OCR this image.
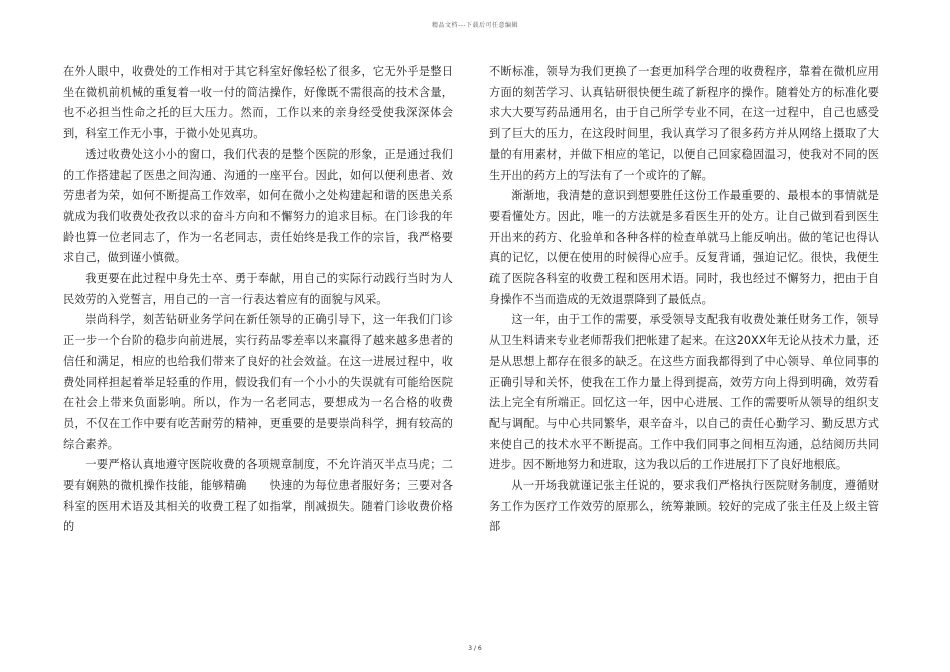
精品文档---下载后可任意编辑

在外人眼中，收费处的工作相对于其它科室好像轻松了很多，它无外乎是整日坐在微机前机械的重复着一收一付的简洁操作，好像既不需很高的技术含量，也不必担当性命之托的巨大压力。然而，工作以来的亲身经受使我深深体会到，科室工作无小事，于微小处见真功。

透过收费处这小小的窗口，我们代表的是整个医院的形象，正是通过我们的工作搭建起了医患之间沟通、沟通的一座平台。因此，如何以便利患者、效劳患者为荣，如何不断提高工作效率，如何在微小之处构建起和谐的医患关系就成为我们收费处孜孜以求的奋斗方向和不懈努力的追求目标。在门诊我的年龄也算一位老同志了，作为一名老同志，责任始终是我工作的宗旨，我严格要求自己，做到谨小慎微。

我更要在此过程中身先士卒、勇于奉献，用自己的实际行动践行当时为人民效劳的入党誓言，用自己的一言一行表达着应有的面貌与风采。

崇尚科学，刻苦钻研业务学问在新任领导的正确引导下，这一年我们门诊正一步一个台阶的稳步向前进展，实行药品零差率以来赢得了越来越多患者的信任和满足，相应的也给我们带来了良好的社会效益。在这一进展过程中，收费处同样担起着举足轻重的作用，假设我们有一个小小的失误就有可能给医院在社会上带来负面影响。所以，作为一名老同志，要想成为一名合格的收费员，不仅在工作中要有吃苦耐劳的精神，更重要的是要崇尚科学，拥有较高的综合素养。

一要严格认真地遵守医院收费的各项规章制度，不允许消灭半点马虎；二要有娴熟的微机操作技能，能够精确　　快速的为每位患者服好务；三要对各科室的医用术语及其相关的收费工程了如指掌，削减损失。随着门诊收费价格的

不断标准，领导为我们更换了一套更加科学合理的收费程序，靠着在微机应用方面的刻苦学习、认真钻研很快便生疏了新程序的操作。随着处方的标准化要求大大要写药品通用名，由于自己所学专业不同，在这一过程中，自己也感受到了巨大的压力，在这段时间里，我认真学习了很多药方并从网络上摄取了大量的有用素材，并做下相应的笔记，以便自己回家稳固温习，使我对不同的医生开出的药方上的写法有了一个或许的了解。

渐渐地，我清楚的意识到想要胜任这份工作最重要的、最根本的事情就是要看懂处方。因此，唯一的方法就是多看医生开的处方。让自己做到看到医生开出来的药方、化验单和各种各样的检查单就马上能反响出。做的笔记也得认真的记忆，以便在使用的时候得心应手。反复背诵，强迫记忆。很快，我便生疏了医院各科室的收费工程和医用术语。同时，我也经过不懈努力，把由于自身操作不当而造成的无效退票降到了最低点。

这一年，由于工作的需要，承受领导支配我有收费处兼任财务工作，领导从卫生料请来专业老师帮我们把帐建了起来。在这20XX年无论从技术力量，还是从思想上都存在很多的缺乏。在这些方面我都得到了中心领导、单位同事的正确引导和关怀，使我在工作力量上得到提高，效劳方向上得到明确，效劳看法上完全有所端正。回忆这一年，因中心进展、工作的需要听从领导的组织支配与调配。与中心共同繁华，艰辛奋斗，以自己的责任心勤学习、勤反思方式来使自己的技术水平不断提高。工作中我们同事之间相互沟通，总结阅历共同进步。因不断地努力和进取，这为我以后的工作进展打下了良好地根底。

从一开场我就谨记张主任说的，要求我们严格执行医院财务制度，遵循财务工作为医疗工作效劳的原那么，统筹兼顾。较好的完成了张主任及上级主管部

3 / 6
